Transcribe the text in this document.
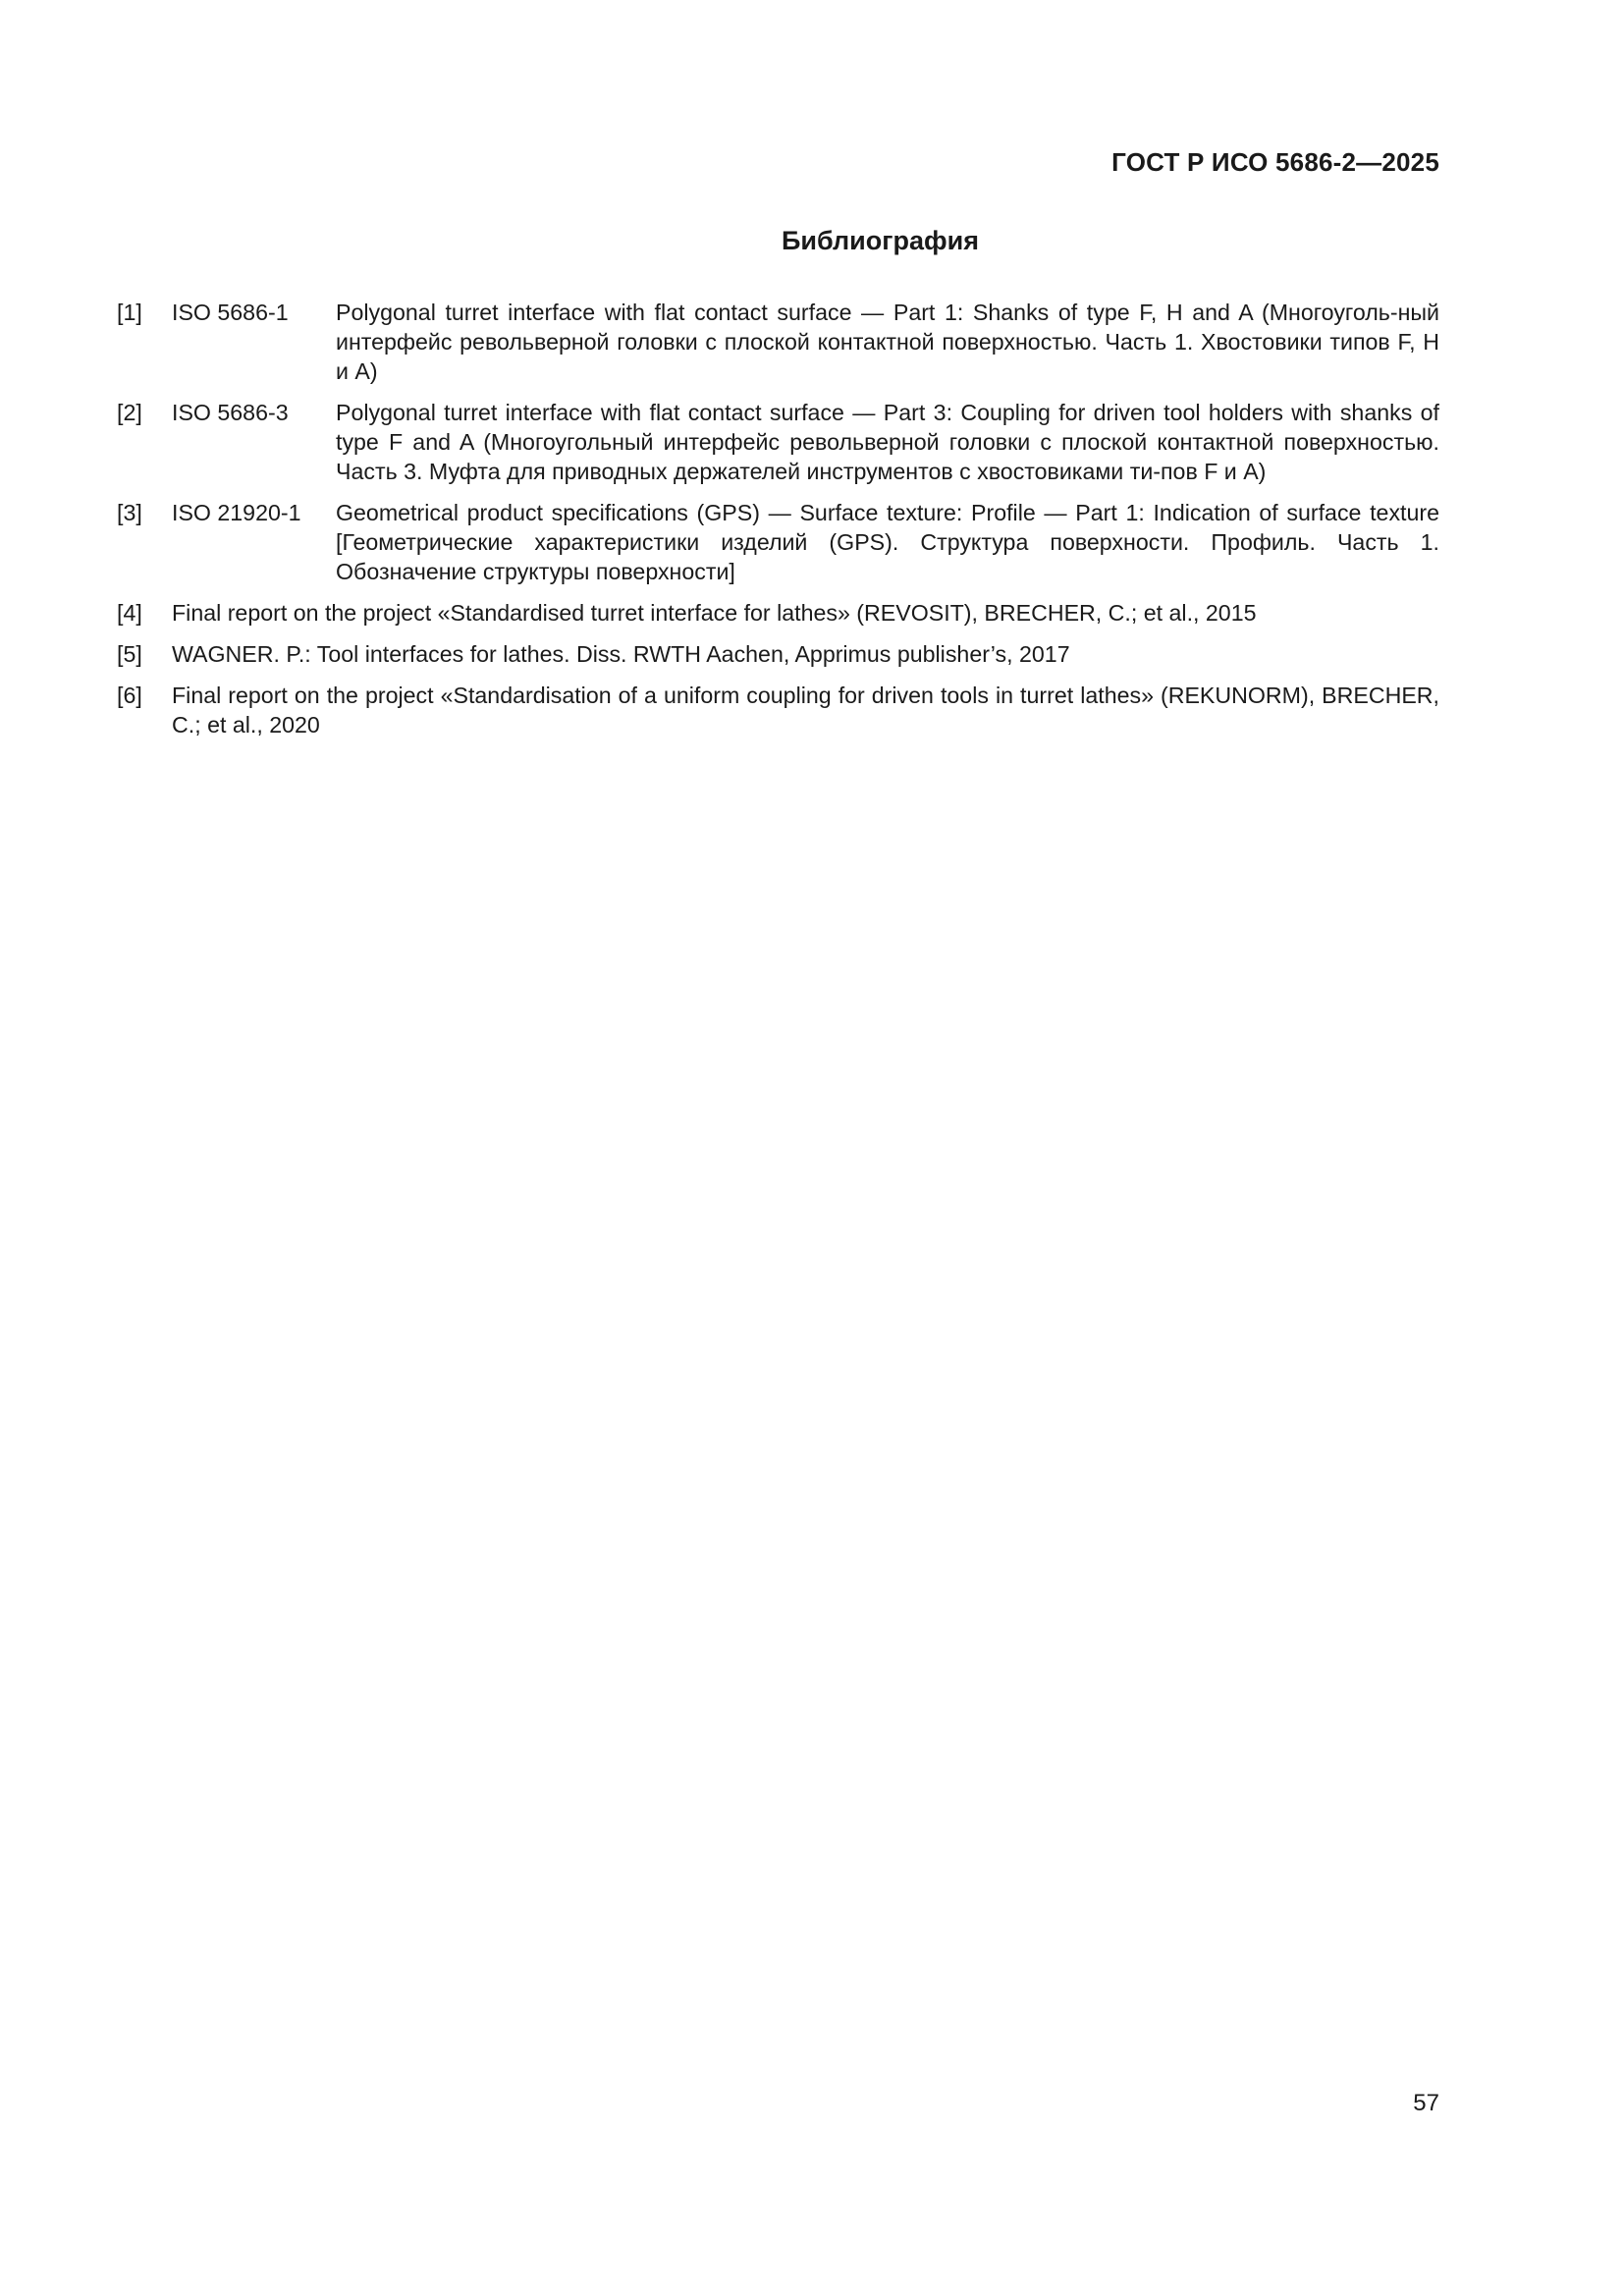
ГОСТ Р ИСО 5686-2—2025
Библиография
[1]	ISO 5686-1	Polygonal turret interface with flat contact surface — Part 1: Shanks of type F, H and A (Многоуголь-ный интерфейс револьверной головки с плоской контактной поверхностью. Часть 1. Хвостовики типов F, H и A)
[2]	ISO 5686-3	Polygonal turret interface with flat contact surface — Part 3: Coupling for driven tool holders with shanks of type F and A (Многоугольный интерфейс револьверной головки с плоской контактной поверхностью. Часть 3. Муфта для приводных держателей инструментов с хвостовиками ти-пов F и A)
[3]	ISO 21920-1	Geometrical product specifications (GPS) — Surface texture: Profile — Part 1: Indication of surface texture [Геометрические характеристики изделий (GPS). Структура поверхности. Профиль. Часть 1. Обозначение структуры поверхности]
[4]	Final report on the project «Standardised turret interface for lathes» (REVOSIT), BRECHER, C.; et al., 2015
[5]	WAGNER. P.: Tool interfaces for lathes. Diss. RWTH Aachen, Apprimus publisher’s, 2017
[6]	Final report on the project «Standardisation of a uniform coupling for driven tools in turret lathes» (REKUNORM), BRECHER, C.; et al., 2020
57
